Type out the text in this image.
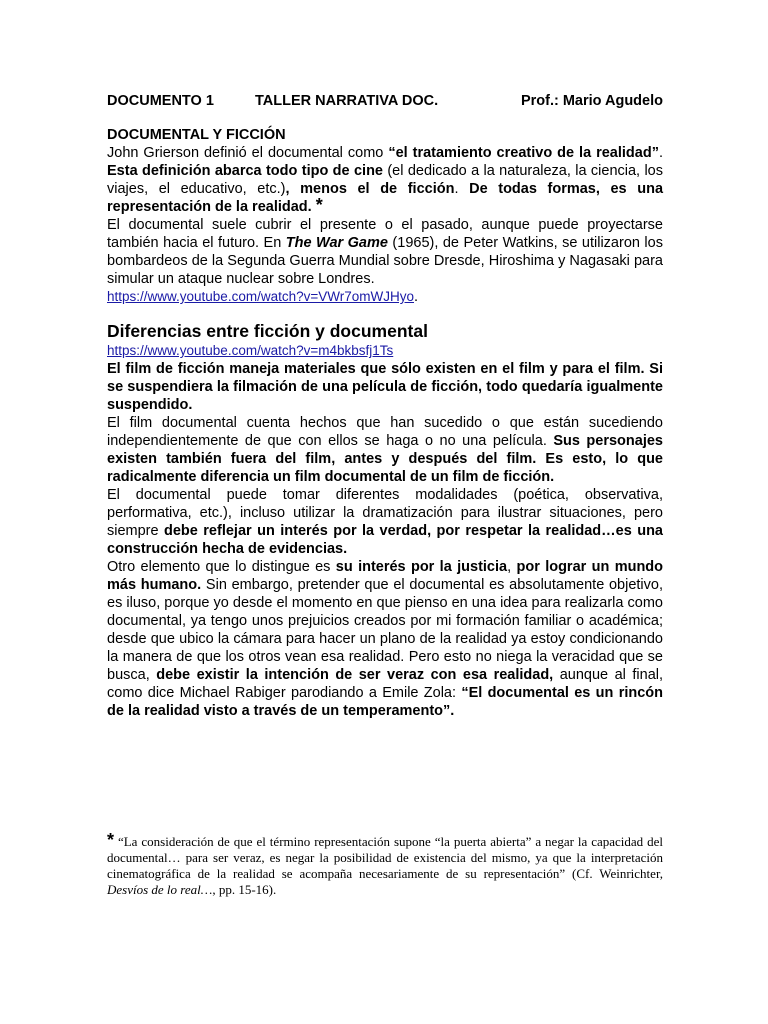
DOCUMENTO 1	TALLER NARRATIVA DOC.	Prof.: Mario Agudelo
DOCUMENTAL Y FICCIÓN

John Grierson definió el documental como “el tratamiento creativo de la realidad”. Esta definición abarca todo tipo de cine (el dedicado a la naturaleza, la ciencia, los viajes, el educativo, etc.), menos el de ficción. De todas formas, es una representación de la realidad. *

El documental suele cubrir el presente o el pasado, aunque puede proyectarse también hacia el futuro. En The War Game (1965), de Peter Watkins, se utilizaron los bombardeos de la Segunda Guerra Mundial sobre Dresde, Hiroshima y Nagasaki para simular un ataque nuclear sobre Londres.

https://www.youtube.com/watch?v=VWr7omWJHyo.
Diferencias entre ficción y documental
https://www.youtube.com/watch?v=m4bkbsfj1Ts

El film de ficción maneja materiales que sólo existen en el film y para el film. Si se suspendiera la filmación de una película de ficción, todo quedaría igualmente suspendido.

El film documental cuenta hechos que han sucedido o que están sucediendo independientemente de que con ellos se haga o no una película. Sus personajes existen también fuera del film, antes y después del film. Es esto, lo que radicalmente diferencia un film documental de un film de ficción.

El documental puede tomar diferentes modalidades (poética, observativa, performativa, etc.), incluso utilizar la dramatización para ilustrar situaciones, pero siempre debe reflejar un interés por la verdad, por respetar la realidad…es una construcción hecha de evidencias.

Otro elemento que lo distingue es su interés por la justicia, por lograr un mundo más humano. Sin embargo, pretender que el documental es absolutamente objetivo, es iluso, porque yo desde el momento en que pienso en una idea para realizarla como documental, ya tengo unos prejuicios creados por mi formación familiar o académica; desde que ubico la cámara para hacer un plano de la realidad ya estoy condicionando la manera de que los otros vean esa realidad. Pero esto no niega la veracidad que se busca, debe existir la intención de ser veraz con esa realidad, aunque al final, como dice Michael Rabiger parodiando a Emile Zola: “El documental es un rincón de la realidad visto a través de un temperamento”.

* “La consideración de que el término representación supone “la puerta abierta” a negar la capacidad del documental… para ser veraz, es negar la posibilidad de existencia del mismo, ya que la interpretación cinematográfica de la realidad se acompaña necesariamente de su representación” (Cf. Weinrichter, Desvíos de lo real…, pp. 15-16).
